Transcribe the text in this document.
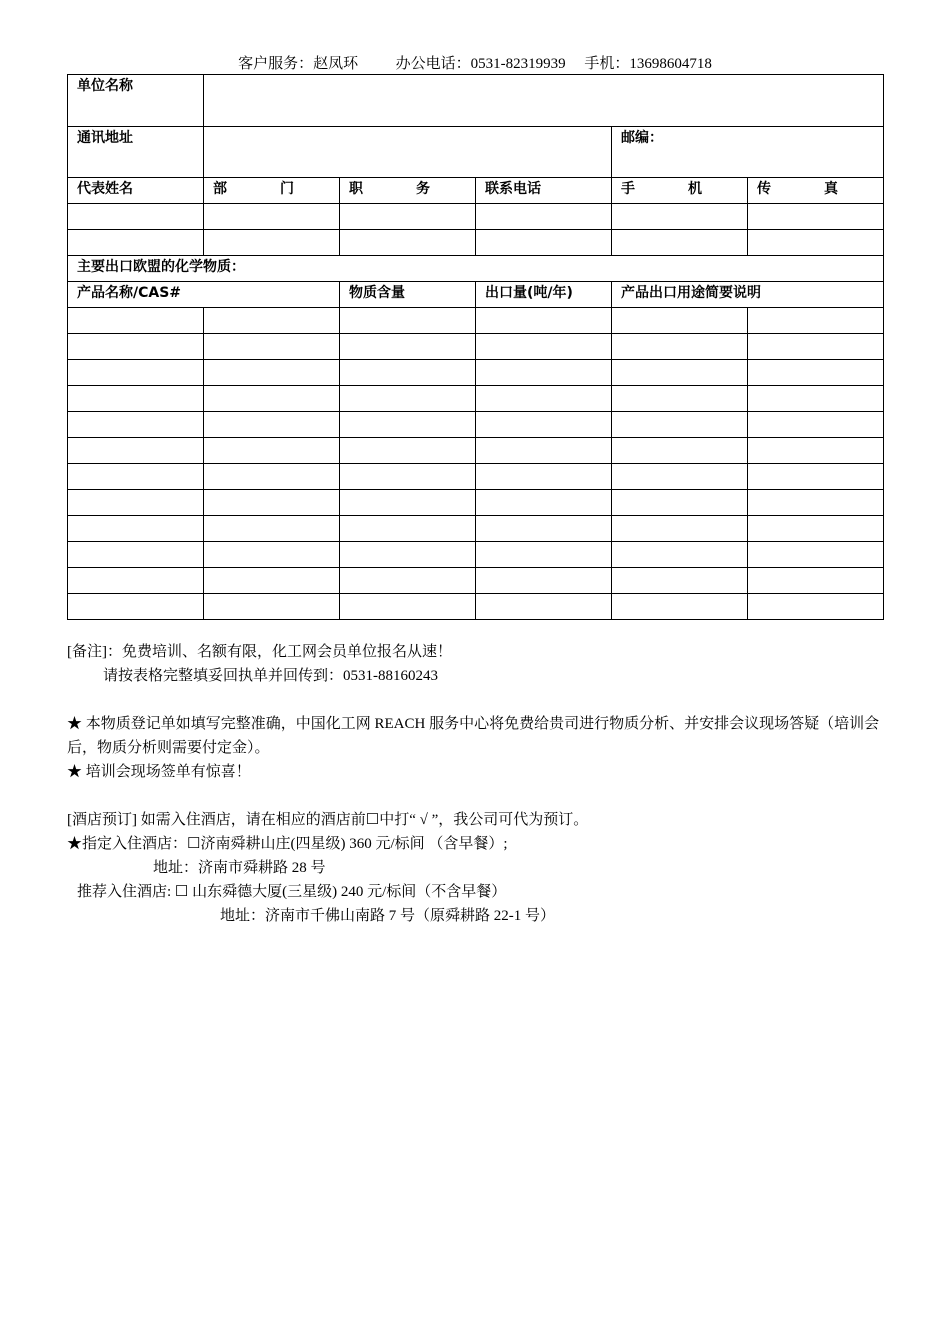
客户服务：赵凤环	办公电话：0531-82319939 手机：13698604718
单位名称					
通讯地址				邮编：	
代表姓名	部 门	职 务	联系电话	手 机	传 真

主要出口欧盟的化学物质：					
产品名称/CAS#		物质含量	出口量(吨/年)	产品出口用途简要说明	

[备注]：免费培训、名额有限，化工网会员单位报名从速！

请按表格完整填妥回执单并回传到：0531-88160243

★ 本物质登记单如填写完整准确，中国化工网 REACH 服务中心将免费给贵司进行物质分析、并安排会议现场答疑（培训会后，物质分析则需要付定金）。

★ 培训会现场签单有惊喜！

[酒店预订] 如需入住酒店，请在相应的酒店前☐中打“ √ ”，我公司可代为预订。

★指定入住酒店：☐济南舜耕山庄(四星级) 360 元/标间 （含早餐）;

地址：济南市舜耕路 28 号

推荐入住酒店: ☐ 山东舜德大厦(三星级) 240 元/标间（不含早餐）

地址：济南市千佛山南路 7 号（原舜耕路 22-1 号）
